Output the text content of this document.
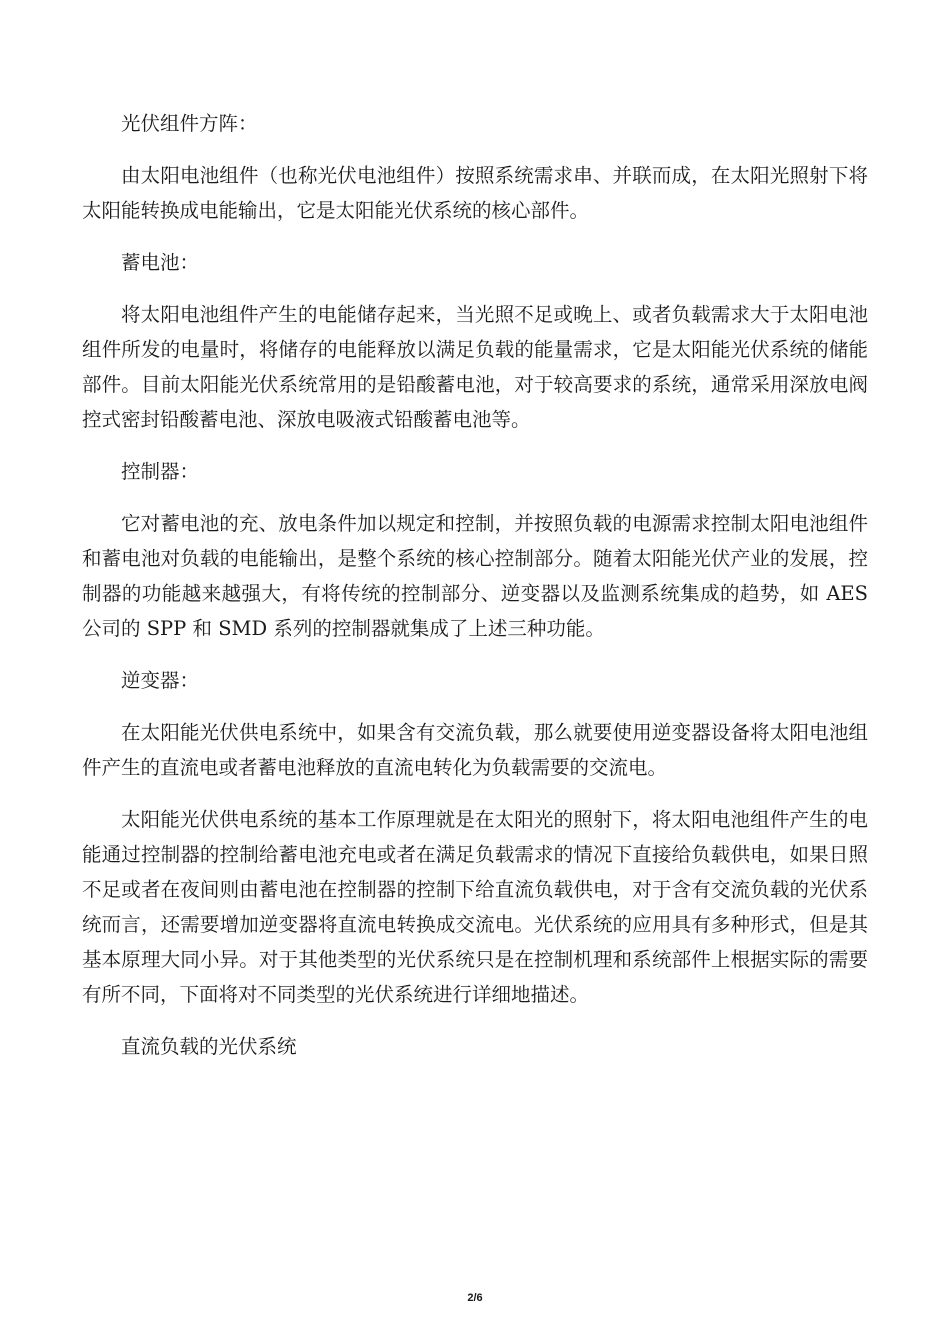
光伏组件方阵：

由太阳电池组件（也称光伏电池组件）按照系统需求串、并联而成，在太阳光照射下将太阳能转换成电能输出，它是太阳能光伏系统的核心部件。

蓄电池：

将太阳电池组件产生的电能储存起来，当光照不足或晚上、或者负载需求大于太阳电池组件所发的电量时，将储存的电能释放以满足负载的能量需求，它是太阳能光伏系统的储能部件。目前太阳能光伏系统常用的是铅酸蓄电池，对于较高要求的系统，通常采用深放电阀控式密封铅酸蓄电池、深放电吸液式铅酸蓄电池等。

控制器：

它对蓄电池的充、放电条件加以规定和控制，并按照负载的电源需求控制太阳电池组件和蓄电池对负载的电能输出，是整个系统的核心控制部分。随着太阳能光伏产业的发展，控制器的功能越来越强大，有将传统的控制部分、逆变器以及监测系统集成的趋势，如 AES 公司的 SPP 和 SMD 系列的控制器就集成了上述三种功能。

逆变器：

在太阳能光伏供电系统中，如果含有交流负载，那么就要使用逆变器设备将太阳电池组件产生的直流电或者蓄电池释放的直流电转化为负载需要的交流电。

太阳能光伏供电系统的基本工作原理就是在太阳光的照射下，将太阳电池组件产生的电能通过控制器的控制给蓄电池充电或者在满足负载需求的情况下直接给负载供电，如果日照不足或者在夜间则由蓄电池在控制器的控制下给直流负载供电，对于含有交流负载的光伏系统而言，还需要增加逆变器将直流电转换成交流电。光伏系统的应用具有多种形式，但是其基本原理大同小异。对于其他类型的光伏系统只是在控制机理和系统部件上根据实际的需要有所不同，下面将对不同类型的光伏系统进行详细地描述。

直流负载的光伏系统

2/6
